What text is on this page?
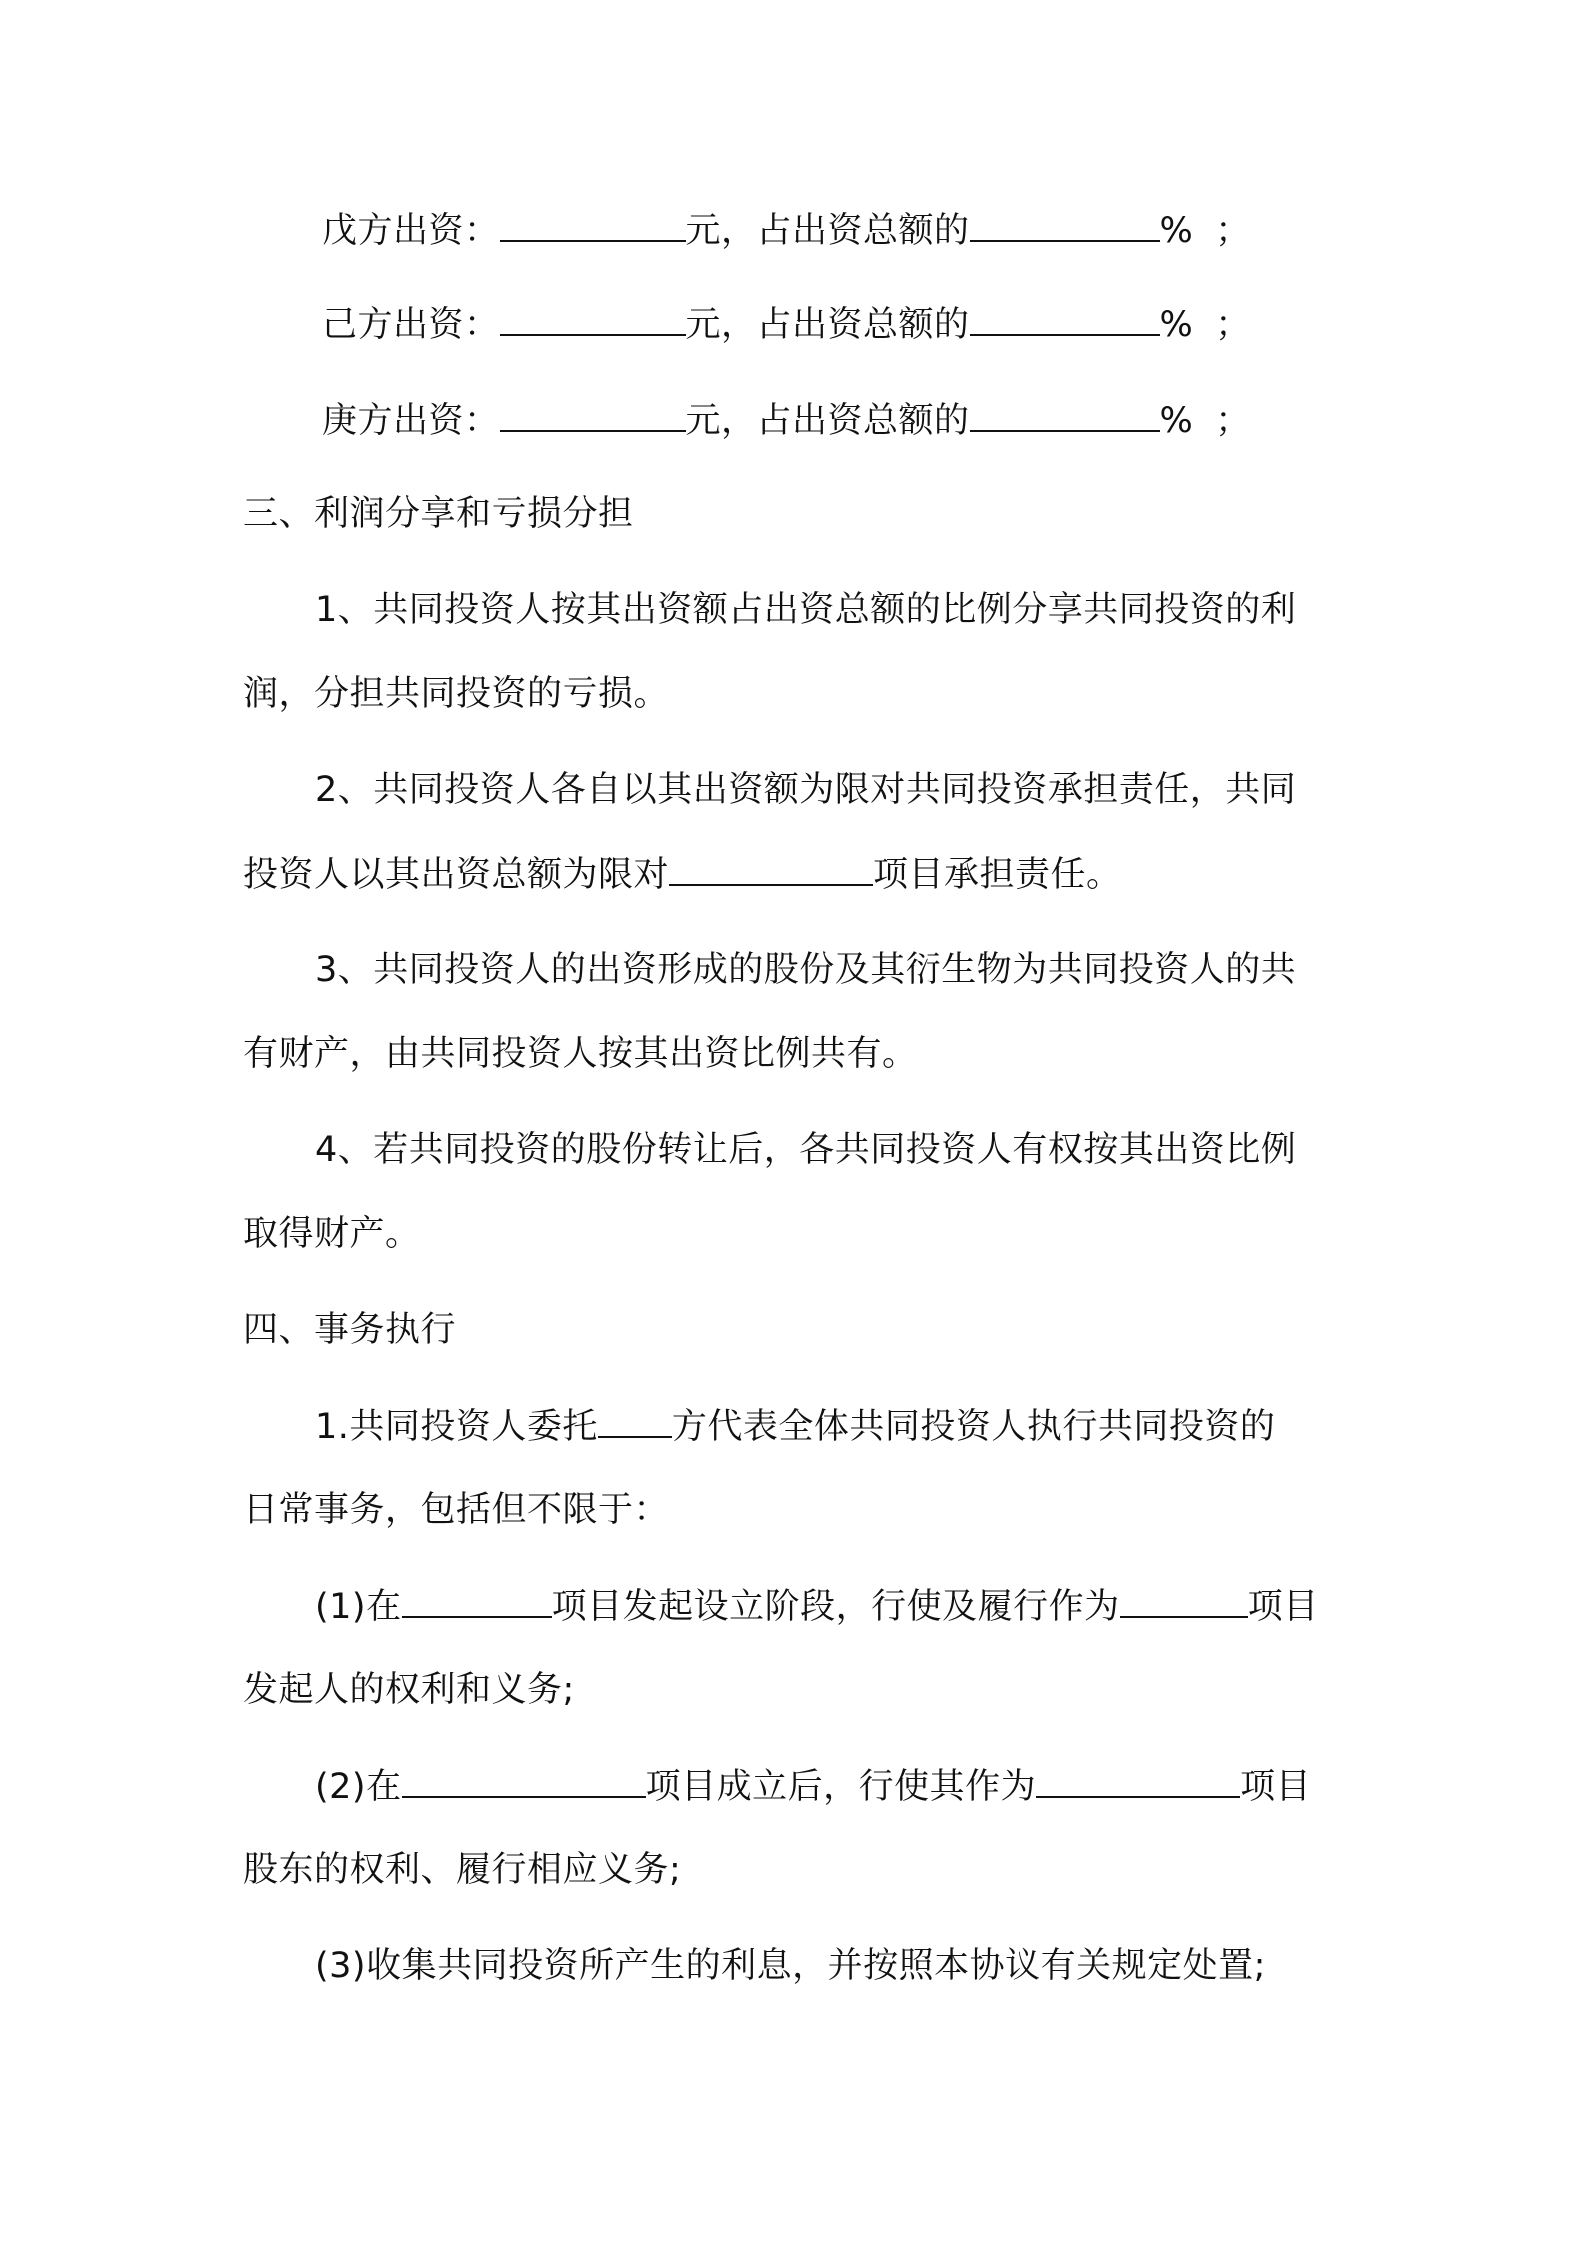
戊方出资：	元，占出资总额的	% ；
己方出资：	元，占出资总额的	% ；
庚方出资：	元，占出资总额的	% ；
三、利润分享和亏损分担
1、共同投资人按其出资额占出资总额的比例分享共同投资的利
润，分担共同投资的亏损。
2、共同投资人各自以其出资额为限对共同投资承担责任，共同
投资人以其出资总额为限对	项目承担责任。
3、共同投资人的出资形成的股份及其衍生物为共同投资人的共
有财产，由共同投资人按其出资比例共有。
4、若共同投资的股份转让后，各共同投资人有权按其出资比例
取得财产。
四、事务执行
1.共同投资人委托 方代表全体共同投资人执行共同投资的
日常事务，包括但不限于：
(1)在	项目发起设立阶段，行使及履行作为	项目
发起人的权利和义务;
(2)在	项目成立后，行使其作为	项目
股东的权利、履行相应义务;
(3)收集共同投资所产生的利息，并按照本协议有关规定处置;
